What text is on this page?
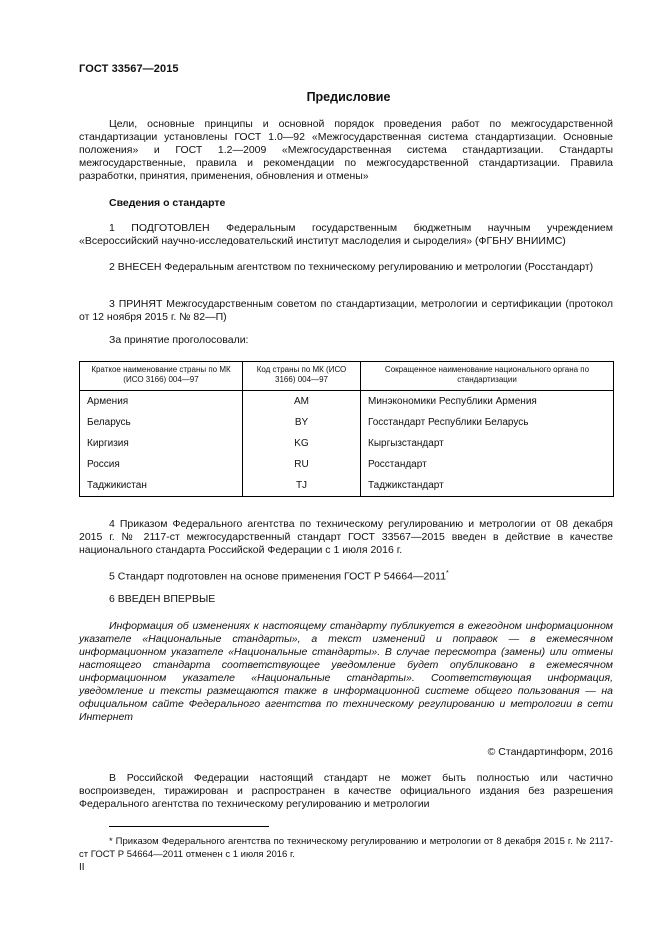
ГОСТ 33567—2015
Предисловие

Цели, основные принципы и основной порядок проведения работ по межгосударственной стандартизации установлены ГОСТ 1.0—92 «Межгосударственная система стандартизации. Основные положения» и ГОСТ 1.2—2009 «Межгосударственная система стандартизации. Стандарты межгосударственные, правила и рекомендации по межгосударственной стандартизации. Правила разработки, принятия, применения, обновления и отмены»

Сведения о стандарте

1 ПОДГОТОВЛЕН Федеральным государственным бюджетным научным учреждением «Всероссийский научно-исследовательский институт маслоделия и сыроделия» (ФГБНУ ВНИИМС)

2 ВНЕСЕН Федеральным агентством по техническому регулированию и метрологии (Росстандарт)

3 ПРИНЯТ Межгосударственным советом по стандартизации, метрологии и сертификации (протокол от 12 ноября 2015 г. № 82—П)

За принятие проголосовали:
Краткое наименование страны по МК (ИСО 3166) 004—97	Код страны по МК (ИСО 3166) 004—97	Сокращенное наименование национального органа по стандартизации
Армения	AM	Минэкономики Республики Армения
Беларусь	BY	Госстандарт Республики Беларусь
Киргизия	KG	Кыргызстандарт
Россия	RU	Росстандарт
Таджикистан	TJ	Таджикстандарт

4 Приказом Федерального агентства по техническому регулированию и метрологии от 08 декабря 2015 г. № 2117-ст межгосударственный стандарт ГОСТ 33567—2015 введен в действие в качестве национального стандарта Российской Федерации с 1 июля 2016 г.

5 Стандарт подготовлен на основе применения ГОСТ Р 54664—2011*
6 ВВЕДЕН ВПЕРВЫЕ

Информация об изменениях к настоящему стандарту публикуется в ежегодном информационном указателе «Национальные стандарты», а текст изменений и поправок — в ежемесячном информационном указателе «Национальные стандарты». В случае пересмотра (замены) или отмены настоящего стандарта соответствующее уведомление будет опубликовано в ежемесячном информационном указателе «Национальные стандарты». Соответствующая информация, уведомление и тексты размещаются также в информационной системе общего пользования — на официальном сайте Федерального агентства по техническому регулированию и метрологии в сети Интернет

© Стандартинформ, 2016

В Российской Федерации настоящий стандарт не может быть полностью или частично воспроизведен, тиражирован и распространен в качестве официального издания без разрешения Федерального агентства по техническому регулированию и метрологии

* Приказом Федерального агентства по техническому регулированию и метрологии от 8 декабря 2015 г. № 2117-ст ГОСТ Р 54664—2011 отменен с 1 июля 2016 г.

II
